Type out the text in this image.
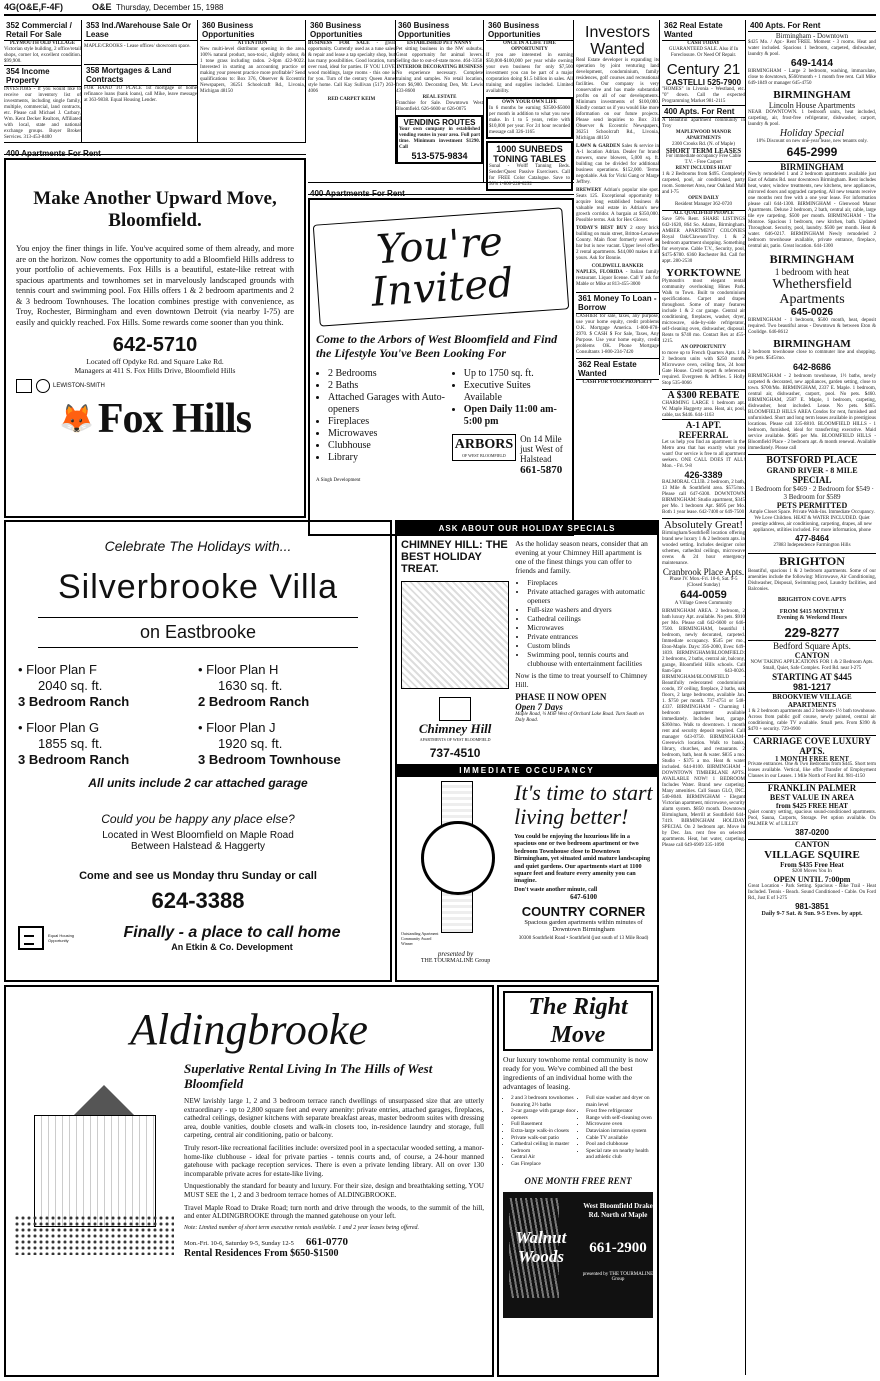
4G(O&E,F-4F)	O&E Thursday, December 15, 1988
352 Commercial / Retail For Sale
PLYMOUTH OLD VILLAGE
Victorian style building, 2 office/retail shops, corner lot, excellent condition. $99,900.
354 Income Property
INVESTORS - If you would like to receive our inventory list of investments, including single family, multiple, commercial, land contracts, etc. Please call Michael J. Carbary, Wm. Kent Decker Realtors, Affiliated with local, state and national exchange groups. Buyer Broker Services. 313-453-8400
353 Ind./Warehouse Sale Or Lease
MAPLE/CROOKS - Lease offices/ showroom space.
358 Mortgages & Land Contracts
FOR HAND TO PLACE 1st mortgage or home refinance loans (bank loans), call Mike, leave message at 363-9838. Equal Housing Lender.
360 Business Opportunities
ATTENTION
New multi-level distributor opening in the area. 100% natural product, non-toxic, slightly odour, & 1 tone grass including radon. 2-6pm 422-9022. Interested in starting an accounting practice or making your present practice more profitable? Send qualifications to: Box 376, Observer & Eccentric Newspapers, 36251 Schoolcraft Rd., Livonia, Michigan 48150
360 Business Opportunities
BUSINESS FOR SALE - great opportunity. Currently used as a tune sales & repair and lease a tap specialty shop, but has many possibilities. Good location, turn over road, ideal for parties. IF YOU LOVE wood moldings, large rooms - this one is for you. Turn of the century Queen Anne style home. Call Kay Sullivan (517) 263-4006
RED CARPET KEIM
360 Business Opportunities
ESTABLISHED PET NANNY
Pet sitting business in the NW suburbs. Great opportunity for animal lovers. Selling due to out-of-state move. 464-3358
INTERIOR DECORATING BUSINESS
No experience necessary. Complete training and samples. No retail location, from $6,900. Decorating Den, Mr. Lewis 433-8600
REAL ESTATE
Franchise for Sale. Downtown West Bloomfield. 626-6600 or 626-0075
VENDING ROUTES
Your own company in established vending routes in your area. Full part time. Minimum investment $1290. Call
513-575-9834
360 Business Opportunities
ONCE IN A LIFE TIME OPPORTUNITY
If you are interested in earning $50,000-$100,000 per year while owning your own business for only $7,500 investment you can be part of a major corporation doing $1.5 billion in sales. All training and supplies included. Limited availability.
OWN YOUR OWN LIFE
In 6 months be earning $3500-$5000 per month in addition to what you now make. In 1 to 5 years, retire with $10,000 per year. For 24 hour recorded message call 326-1165
1000 SUNBEDS TONING TABLES
Sunal - Wolff Tanning Beds. Sender/Quest Passive Exercisers. Call for FREE Color Catalogue. Save to 50% 1-800-228-6292
Investors Wanted
Real Estate developer is expanding its operation by joint venturing land development, condominium, family residences, golf courses and recreational facilities. Our company is very conservative and has made substantial profits on all of our developments. Minimum investments of $100,000. Kindly contact us if you would like more information on our future projects. Please send inquiries to Box 314 Observer & Eccentric Newspapers, 36251 Schoolcraft Rd., Livonia, Michigan 48150
LAWN & GARDEN Sales & service in A-1 location Adrian. Dealer for brand mowers, snow blowers, 5,000 sq. ft. building can be divided for additional business operations. $152,000. Terms negotiable. Ask for Vicki Gang or Marge Jeffrey.
BREWERY Adrian's popular nite spot. Seats 125. Exceptional opportunity to acquire long established business & valuable real estate in Adrian's new growth corridor. A bargain at $350,000. Possible terms. Ask for Hex Glover.
TODAY'S BEST BUY 2 story brick building on main street, Britton-Lenawee County. Main floor formerly served as bar but is now vacant. Upper level offers 2 rental apartments. $44,000 makes it all yours. Ask for Bonnie.
COLDWELL BANKER
NAPLES, FLORIDA - Italian family restaurant. Liquor license. Call Y ask for Mable or Mike at 813-455-3000
361 Money To Loan - Borrow
CASHIER for sale, taxes, any purpose, use your home equity, credit problems O.K. Mortgage America. 1-800-878-2970. $ CASH $ For Sale, Taxes, Any Purpose. Use your home equity, credit problems OK. Phone Mortgage Consultants 1-800-234-7420
362 Real Estate Wanted
CASH FOR YOUR PROPERTY
362 Real Estate Wanted
CASH TODAY
GUARANTEED SALE. Also if In Foreclosure. Or Need Of Repair.
Century 21
CASTELLI 525-7900
"HOMES" in Livonia - Westland, etc. "0" down. Call the expected Programming Market 981-2115
400 Apts. For Rent
A Beautiful apartment community in Troy
MAPLEWOOD MANOR APARTMENTS
2300 Crooks Rd. (N. of Maple)
SHORT TERM LEASES
For immediate occupancy Free Cable T.V. - Free Carport
RENT INCLUDES HEAT
1 & 2 Bedrooms from $495. Completely carpeted, pool, air conditioned, party room. Somerset Area, near Oakland Mall and I-75
OPEN DAILY
Resident Manager 362-0720
ALL QUALIFIED PEOPLE
Save 50% Rent. SHARE LISTINGS 642-1620, 864 So. Adams, Birmingham. AMBER APARTMENT COLONIES Royal Oak/Clawson/Troy. 1 & 2 bedroom apartment shopping. Something for everyone. Cable T.V., Security, pool, $475-$780. 6360 Rochester Rd. Call for appt. 280-2530
YORKTOWNE
Plymouth's most elegant rental community overlooking Hines Park. Walk to Town. Built to condominium specifications. Carpet and drapes throughout. Some of many features include 1 & 2 car garage. Central air conditioning, fireplaces, washer, dryer, microwave, side-by-side refrigerator, self-cleaning oven, dishwasher, disposal. Rents to $740 mo. Contact Rex at 455-1215.
AN OPPORTUNITY
to move up to French Quarters Apts. 1 & 2 bedroom units with $250 month. Microwave oven, ceiling fans, 24 hour Gate House. Credit report & references required. Evergreen & Jeffries. 5 Holly Stop 535-0066
A $300 REBATE
CHARMING LARGE 1 bedroom apt. W. Maple Haggerty area. Heat, air, pool, cable, tax $446. 644-1163
A-1 APT. REFERRAL
Let us help you find an apartment in the Metro area that has exactly what you want! Our service is free to all apartment seekers. ONE CALL DOES IT ALL! Mon. - Fri. 9-8
426-3389
BALMORAL CLUB. 2 bedroom, 2 bath, 13 Mile & Southfield area. $575/mo. Please call 647-6300. DOWNTOWN BIRMINGHAM: Studio apartment, $345 per Mo. 1 bedroom Apt. $695 per Mo. Both 1 year lease. 642-7400 or 649-7500
Absolutely Great!
Birmingham/Southfield location offering brand new luxury 1 & 2 bedroom apts. in wooded setting. Includes designer color schemes, cathedral ceilings, microwave ovens & 24 hour emergency maintenance.
Cranbrook Place Apts.
Phase IV. Mon.-Fri. 10-6, Sat. 9-5 (Closed Sunday)
644-0059
A Village Green Community
BIRMINGHAM AREA. 2 bedroom, 2 bath luxury Apt. available. No pets. $910 per Mo. Please call 642-6600 or 646-7500. BIRMINGHAM, beautiful 1 bedroom, newly decorated, carpeted. Immediate occupancy. $545 per mo., Eton-Maple. Days: 356-2000, Eves: 649-1839. BIRMINGHAM/BLOOMFIELD: 2 bedrooms, 2 baths, central air, balcony, garage, Bloomfield Hills schools. Call 8am-5pm 643-0026. BIRMINGHAM/BLOOMFIELD - Beautifully redecorated condominium condo, 19' ceiling, fireplace, 2 baths, oak floors, 2 large bedrooms, available Jan. 1. $750 per month. 737-4751 or 548-4337. BIRMINGHAM - Charming 1 bedroom apartment available immediately. Includes heat, garage. $360/mo. Walk to downtown. 1 month rent and security deposit required. Call manager 643-0750. BIRMINGHAM-Greenwich location. Walk to banks, library, churches, and restaurants. 2 bedroom, bath, heat & water. $835 a mo. Studio - $375 a mo. Heat & water included. 644-8100. BIRMINGHAM - DOWNTOWN TIMBERLANE APTS. AVAILABLE NOW! 1 BEDROOM Includes Water. Brand new carpeting. Many amenities. Call Susan GLO, INC. 540-8040. BIRMINGHAM - Elegant Victorian apartment, microwave, security alarm system. $850 month. Downtown Birmingham, Merrill at Southfield 644-7419. BIRMINGHAM HOLIDAY SPECIAL On 2 bedroom apt. Move in by Dec. Jan. rent free on selected apartments. Heat, hot water, carpeting. Please call 649-6909 335-1090
400 Apts. For Rent
Birmingham - Downtown
$425 Mo. / Apr.- Rent FREE. Moment - 3 rooms. Heat and water included. Spacious 1 bedroom, carpeted, dishwasher, laundry & pool.
649-1414
BIRMINGHAM - Large 2 bedroom, washing, immaculate, close to downtown, $560/month + 1 month free rent. Call Mike 649-1849 or manager 645-4750
BIRMINGHAM
Lincoln House Apartments
NEAR DOWNTOWN. 1 bedroom units, heat included, carpeting, air, frost-free refrigerator, dishwasher, carport, laundry & pool.
Holiday Special
10% Discount on new one-year lease, new tenants only.
645-2999
BIRMINGHAM
Newly remodeled 1 and 2 bedroom apartments available just East of Adams Rd. near downtown Birmingham. Rent includes heat, water, window treatments, new kitchens, new appliances, mirrored doors and upgraded carpeting. All new tenants receive one months rent free with a one year lease. For information please call 644-1300. BIRMINGHAM - Glenwood Manor Apartments. Deluxe 2 bedroom, 2 bath, central air, cable, large tile eye carpeting. $500 per month. BIRMINGHAM - The Monroe. Spacious 1 bedroom, new kitchen, bath. Updated Throughout. Security, pool, laundry. $500 per month. Heat & water. 646-0217. BIRMINGHAM Newly remodeled 2 bedroom townhouse available, private entrance, fireplace, central air, patio. Great location. 644-1300
BIRMINGHAM
1 bedroom with heat
Whethersfield Apartments
645-0026
BIRMINGHAM - 1 bedroom, $500 month, heat, deposit required. Two beautiful areas - Downtown & between Eton & Coolidge. 646-8612
BIRMINGHAM
2 bedroom townhouse close to commuter line and shopping. No pets. $545/mo.
642-8686
BIRMINGHAM - 2 bedroom townhouse, 1½ baths, newly carpeted & decorated, new appliances, garden setting, close to town. $700/Mo. BIRMINGHAM, 2337 E. Maple. 1 bedroom, central air, dishwasher, carport, pool. No pets. $460. BIRMINGHAM, 2587 E. Maple, 1 bedroom, carpeting, dishwasher, heat included. Lease. No pets. $465. BLOOMFIELD HILLS AREA Condos for rent, furnished and unfurnished. Short and long term leases available in prestigious locations. Please call 335-8810. BLOOMFIELD HILLS - 1 bedroom, furnished, ideal for transferring executive. Maid service available. $685 per Mo. BLOOMFIELD HILLS - Bloomfield Place - 2 bedroom apt. & month renewal. Available immediately. Please call
BOTSFORD PLACE
GRAND RIVER - 8 MILE
SPECIAL
1 Bedroom for $469 · 2 Bedroom for $549 · 3 Bedroom for $589
PETS PERMITTED
Ample Closet Space. Private Walk-Ins. Immediate Occupancy. We Love Children. HEAT & WATER INCLUDED. Quiet prestige address, air conditioning, carpeting, drapes, all new appliances, utilities included. For more information, phone
477-8464
27883 Independence Farmington Hills
BRIGHTON
Beautiful, spacious 1 & 2 bedroom apartments. Some of our amenities include the following: Microwave, Air Conditioning, Dishwasher, Disposal, Swimming pool, Laundry facilities, and Balconies.
BRIGHTON COVE APTS
FROM $415 MONTHLY
Evening & Weekend Hours
229-8277
Bedford Square Apts.
CANTON
NOW TAKING APPLICATIONS FOR 1 & 2 Bedroom Apts. Small, Quiet, Safe Complex. Ford Rd. near I-275
STARTING AT $445
981-1217
BROOKVIEW VILLAGE APARTMENTS
1 & 2 bedroom apartments and 2 bedroom-1½ bath townhouse. Across from public golf course, newly painted, central air conditioning, cable TV available. Small pets. From $390 & $470 + security. 729-0900
CARRIAGE COVE LUXURY APTS.
1 MONTH FREE RENT
Private entrances. One & Two Bedrooms from $445. Short term leases available. Vertical, like offer Transfer of Employment Clauses in our Leases. 1 Mile North of Ford Rd. 981-4150
FRANKLIN PALMER
BEST VALUE IN AREA
from $425 FREE HEAT
Quiet country setting, spacious sound-conditioned apartments. Pool, Sauna, Carports, Storage. Pet option available. On PALMER W. of LILLEY
387-0200
CANTON
VILLAGE SQUIRE
From $435 Free Heat
$200 Moves You In
OPEN UNTIL 7:00pm
Great Location - Park Setting. Spacious - Bike Trail - Heat Included. Tennis - Beach. Sound Conditioned - Cable. On Ford Rd., Just E of I-275
981-3851
Daily 9-7 Sat. & Sun. 9-5 Eves. by appt.
400 Apartments For Rent
400 Apartments For Rent
Make Another Upward Move, Bloomfield.
You enjoy the finer things in life. You've acquired some of them already, and more are on the horizon. Now comes the opportunity to add a Bloomfield Hills address to your portfolio of achievements. Fox Hills is a beautiful, estate-like retreat with spacious apartments and townhomes set in marvelously landscaped grounds with tennis court and swimming pool. Fox Hills offers 1 & 2 bedroom apartments and 2 & 3 bedroom Townhouses. The location combines prestige with convenience, as Troy, Rochester, Birmingham and even downtown Detroit (via nearby I-75) are easily and quickly reached. Fox Hills. Some rewards come sooner than you think.
642-5710
Located off Opdyke Rd. and Square Lake Rd.
Managers at 411 S. Fox Hills Drive, Bloomfield Hills
LEWISTON-SMITH
🦊 Fox Hills
You're Invited
Come to the Arbors of West Bloomfield and Find the Lifestyle You've Been Looking For
• 2 Bedrooms
• 2 Baths
• Attached Garages with Auto-openers
• Fireplaces
• Microwaves
• Clubhouse
• Library
• Up to 1750 sq. ft.
• Executive Suites Available
• Open Daily 11:00 am-5:00 pm
ARBORS
OF WEST BLOOMFIELD
On 14 Mile just West of Halstead
661-5870
A Singh Development
Celebrate The Holidays with...
Silverbrooke Villa
on Eastbrooke
• Floor Plan F
2040 sq. ft.
3 Bedroom Ranch
• Floor Plan H
1630 sq. ft.
2 Bedroom Ranch
• Floor Plan G
1855 sq. ft.
3 Bedroom Ranch
• Floor Plan J
1920 sq. ft.
3 Bedroom Townhouse
All units include 2 car attached garage
Could you be happy any place else?
Located in West Bloomfield on Maple Road
Between Halstead & Haggerty
Come and see us Monday thru Sunday or call
624-3388
Equal Housing Opportunity	Finally - a place to call home
An Etkin & Co. Development
ASK ABOUT OUR HOLIDAY SPECIALS
CHIMNEY HILL: THE BEST HOLIDAY TREAT.
Chimney Hill
APARTMENTS OF WEST BLOOMFIELD
737-4510
As the holiday season nears, consider that an evening at your Chimney Hill apartment is one of the finest things you can offer to friends and family.
• Fireplaces
• Private attached garages with automatic openers
• Full-size washers and dryers
• Cathedral ceilings
• Microwaves
• Private entrances
• Custom blinds
• Swimming pool, tennis courts and clubhouse with entertainment facilities
Now is the time to treat yourself to Chimney Hill.
PHASE II NOW OPEN
Open 7 Days
Maple Road, ¼ Mile West of Orchard Lake Road. Turn South on Daly Road.
IMMEDIATE OCCUPANCY
Outstanding Apartment Community Award Winner
presented by
THE TOURMALINE Group
It's time to start living better!
You could be enjoying the luxurious life in a spacious one or two bedroom apartment or two bedroom Townhouse close to Downtown Birmingham, yet situated amid mature landscaping and quiet gardens. Our apartments start at 1100 square feet and feature every amenity you can imagine.
Don't waste another minute, call
647-6100
COUNTRY CORNER
Spacious garden apartments within minutes of Downtown Birmingham
30300 Southfield Road • Southfield (just south of 13 Mile Road)
Aldingbrooke
Superlative Rental Living In The Hills of West Bloomfield
NEW lavishly large 1, 2 and 3 bedroom terrace ranch dwellings of unsurpassed size that are utterly extraordinary - up to 2,800 square feet and every amenity: private entries, attached garages, fireplaces, cathedral ceilings, designer kitchens with separate breakfast areas, master bedroom suites with dressing area, double vanities, double closets and walk-in closets too, in-residence laundry and storage, full carpeting, central air conditioning, patio or balcony.
Truly resort-like recreational facilities include: oversized pool in a spectacular wooded setting, a manor-home-like clubhouse - ideal for private parties - tennis courts and, of course, a 24-hour manned gatehouse with package reception services. There is even a private lending library. All on over 130 incomparable private acres for estate-like living.
Unquestionably the standard for beauty and luxury. For their size, design and breathtaking setting, YOU MUST SEE the 1, 2 and 3 bedroom terrace homes of ALDINGBROOKE.
Travel Maple Road to Drake Road; turn north and drive through the woods, to the summit of the hill, and enter ALDINGBROOKE through the manned gatehouse on your left.
Note: Limited number of short term executive rentals available. 1 and 2 year leases being offered.
Mon.-Fri. 10-6, Saturday 9-5, Sunday 12-5 661-0770
Rental Residences From $650-$1500
The Right Move
Our luxury townhome rental community is now ready for you. We've combined all the best ingredients of an individual home with the advantages of leasing.
• 2 and 3 bedroom townhomes featuring 2½ baths
• 2-car garage with garage door openers
• Full Basement
• Extra-large walk-in closets
• Private walk-out patio
• Cathedral ceiling in master bedroom
• Central Air
• Gas Fireplace
• Full size washer and dryer on main level
• Frost free refrigerator
• Range with self-cleaning oven
• Microwave oven
• Dataviaion intrusion system
• Cable TV available
• Pool and clubhouse
• Special rate on nearby health and athletic club
ONE MONTH FREE RENT
Walnut Woods
West Bloomfield Drake Rd. North of Maple
661-2900
presented by THE TOURMALINE Group
